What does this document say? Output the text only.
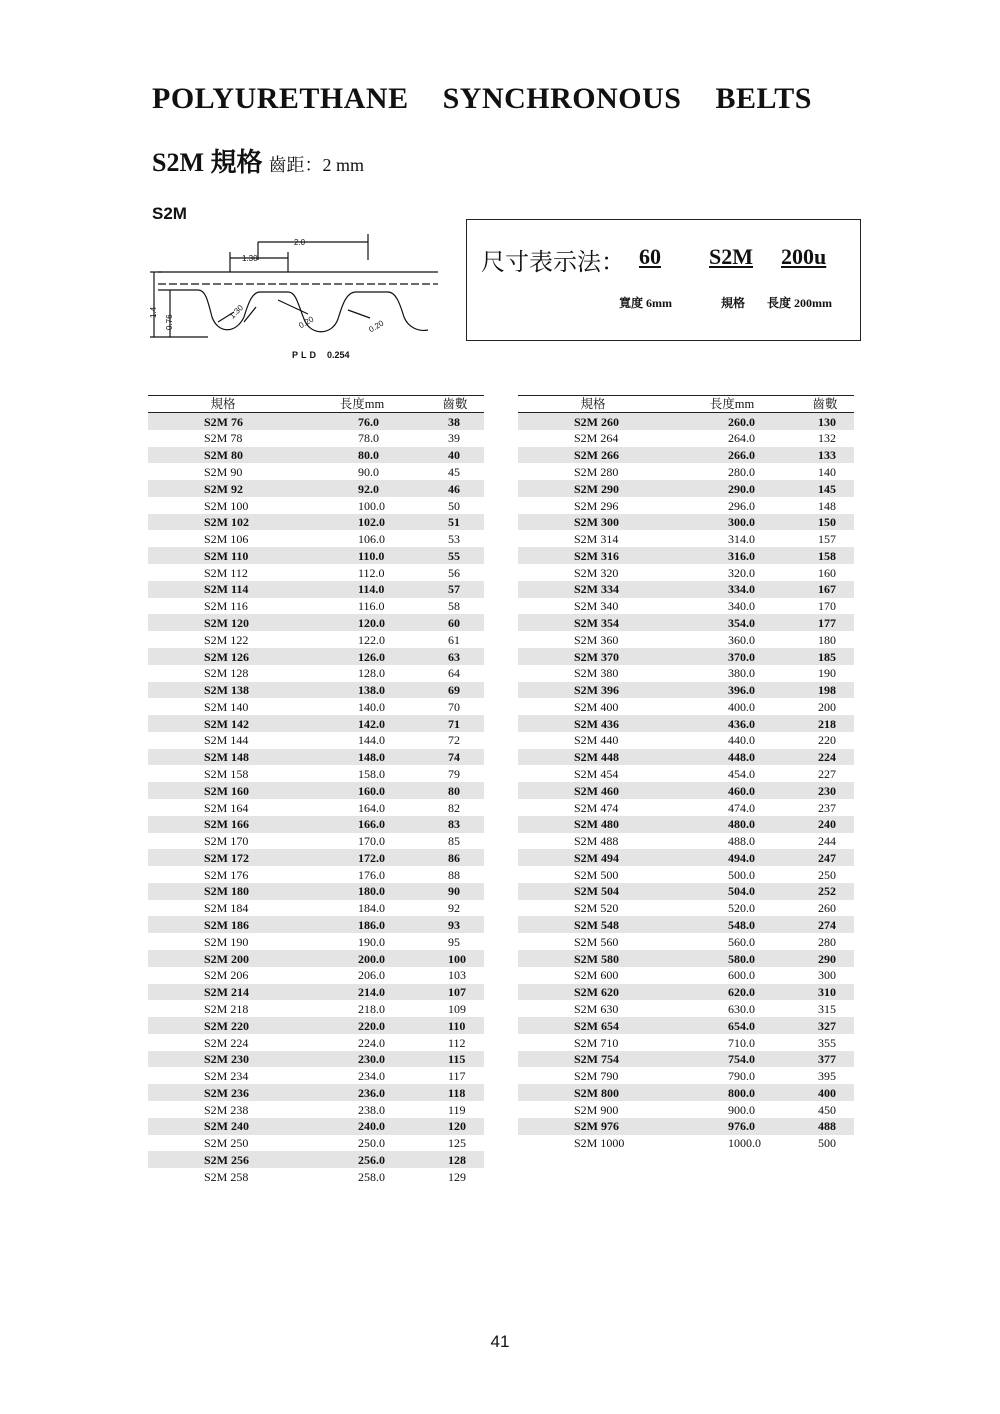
POLYURETHANE SYNCHRONOUS BELTS
S2M 規格 齒距：2 mm
S2M
2.0
1.30
1.4
0.76
1.30
0.20	0.20
PLD 0.254
尺寸表示法： 60 S2M 200u
寬度 6mm	規格 長度 200mm
規格	長度mm	齒數
S2M 76	76.0	38
S2M 78	78.0	39
S2M 80	80.0	40
S2M 90	90.0	45
S2M 92	92.0	46
S2M 100	100.0	50
S2M 102	102.0	51
S2M 106	106.0	53
S2M 110	110.0	55
S2M 112	112.0	56
S2M 114	114.0	57
S2M 116	116.0	58
S2M 120	120.0	60
S2M 122	122.0	61
S2M 126	126.0	63
S2M 128	128.0	64
S2M 138	138.0	69
S2M 140	140.0	70
S2M 142	142.0	71
S2M 144	144.0	72
S2M 148	148.0	74
S2M 158	158.0	79
S2M 160	160.0	80
S2M 164	164.0	82
S2M 166	166.0	83
S2M 170	170.0	85
S2M 172	172.0	86
S2M 176	176.0	88
S2M 180	180.0	90
S2M 184	184.0	92
S2M 186	186.0	93
S2M 190	190.0	95
S2M 200	200.0	100
S2M 206	206.0	103
S2M 214	214.0	107
S2M 218	218.0	109
S2M 220	220.0	110
S2M 224	224.0	112
S2M 230	230.0	115
S2M 234	234.0	117
S2M 236	236.0	118
S2M 238	238.0	119
S2M 240	240.0	120
S2M 250	250.0	125
S2M 256	256.0	128
S2M 258	258.0	129
規格	長度mm	齒數
S2M 260	260.0	130
S2M 264	264.0	132
S2M 266	266.0	133
S2M 280	280.0	140
S2M 290	290.0	145
S2M 296	296.0	148
S2M 300	300.0	150
S2M 314	314.0	157
S2M 316	316.0	158
S2M 320	320.0	160
S2M 334	334.0	167
S2M 340	340.0	170
S2M 354	354.0	177
S2M 360	360.0	180
S2M 370	370.0	185
S2M 380	380.0	190
S2M 396	396.0	198
S2M 400	400.0	200
S2M 436	436.0	218
S2M 440	440.0	220
S2M 448	448.0	224
S2M 454	454.0	227
S2M 460	460.0	230
S2M 474	474.0	237
S2M 480	480.0	240
S2M 488	488.0	244
S2M 494	494.0	247
S2M 500	500.0	250
S2M 504	504.0	252
S2M 520	520.0	260
S2M 548	548.0	274
S2M 560	560.0	280
S2M 580	580.0	290
S2M 600	600.0	300
S2M 620	620.0	310
S2M 630	630.0	315
S2M 654	654.0	327
S2M 710	710.0	355
S2M 754	754.0	377
S2M 790	790.0	395
S2M 800	800.0	400
S2M 900	900.0	450
S2M 976	976.0	488
S2M 1000	1000.0	500
41
